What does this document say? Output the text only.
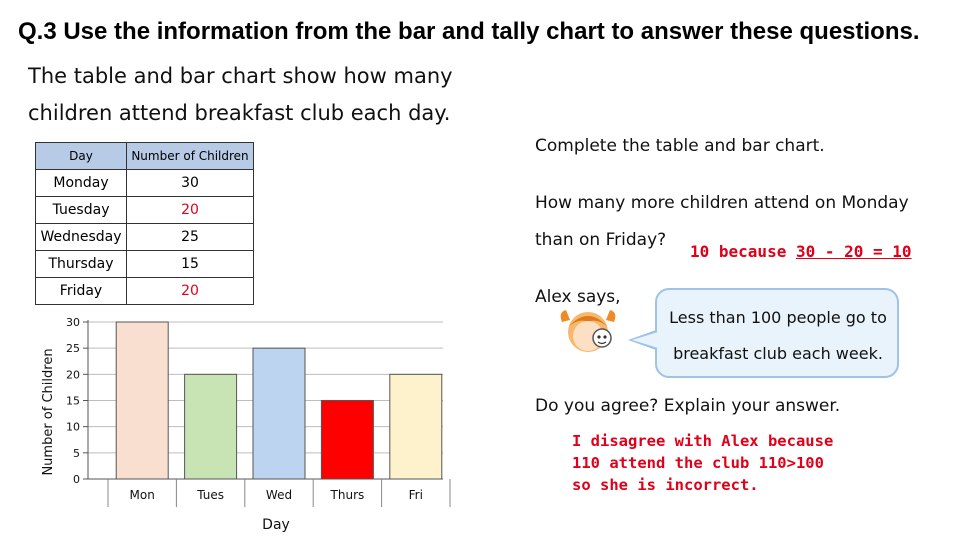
Q.3 Use the information from the bar and tally chart to answer these questions.
The table and bar chart show how many
children attend breakfast club each day.
Day	Number of Children
Monday	30
Tuesday	20
Wednesday	25
Thursday	15
Friday	20
0
5
10
15
20
25
30
Mon	Tues	Wed	Thurs	Fri
Number of Children
Day
Complete the table and bar chart.
How many more children attend on Monday
than on Friday?
10 because 30 - 20 = 10
Alex says,
Less than 100 people go to
breakfast club each week.
Do you agree? Explain your answer.
I disagree with Alex because
110 attend the club 110>100
so she is incorrect.
